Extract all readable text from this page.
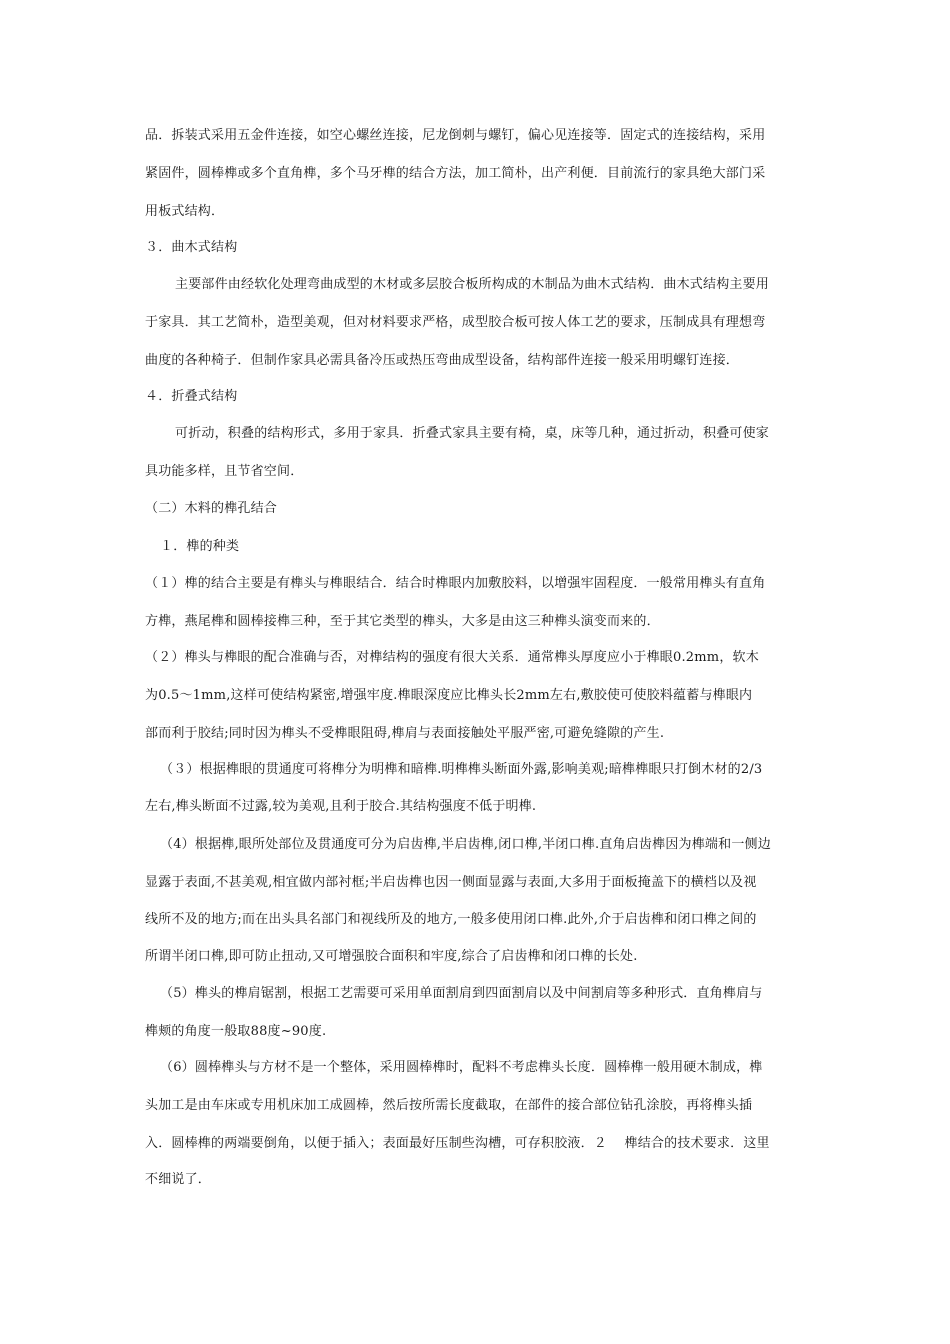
品．拆装式采用五金件连接，如空心螺丝连接，尼龙倒刺与螺钉，偏心见连接等．固定式的连接结构，采用
紧固件，圆棒榫或多个直角榫，多个马牙榫的结合方法，加工简朴，出产利便．目前流行的家具绝大部门采
用板式结构．
３．曲木式结构
主要部件由经软化处理弯曲成型的木材或多层胶合板所构成的木制品为曲木式结构．曲木式结构主要用
于家具．其工艺简朴，造型美观，但对材料要求严格，成型胶合板可按人体工艺的要求，压制成具有理想弯
曲度的各种椅子．但制作家具必需具备冷压或热压弯曲成型设备，结构部件连接一般采用明螺钉连接．
４．折叠式结构
可折动，积叠的结构形式，多用于家具．折叠式家具主要有椅，桌，床等几种，通过折动，积叠可使家
具功能多样，且节省空间．
（二）木料的榫孔结合
１．榫的种类
（１）榫的结合主要是有榫头与榫眼结合．结合时榫眼内加敷胶料，以增强牢固程度．一般常用榫头有直角
方榫，燕尾榫和圆棒接榫三种，至于其它类型的榫头，大多是由这三种榫头演变而来的．
（２）榫头与榫眼的配合准确与否，对榫结构的强度有很大关系．通常榫头厚度应小于榫眼0.2mm，软木
为0.5～1mm,这样可使结构紧密,增强牢度.榫眼深度应比榫头长2mm左右,敷胶使可使胶料蕴蓄与榫眼内
部而利于胶结;同时因为榫头不受榫眼阻碍,榫肩与表面接触处平服严密,可避免缝隙的产生.
（３）根据榫眼的贯通度可将榫分为明榫和暗榫.明榫榫头断面外露,影响美观;暗榫榫眼只打倒木材的2/3
左右,榫头断面不过露,较为美观,且利于胶合.其结构强度不低于明榫.
（4）根据榫,眼所处部位及贯通度可分为启齿榫,半启齿榫,闭口榫,半闭口榫.直角启齿榫因为榫端和一侧边
显露于表面,不甚美观,相宜做内部衬框;半启齿榫也因一侧面显露与表面,大多用于面板掩盖下的横档以及视
线所不及的地方;而在出头具名部门和视线所及的地方,一般多使用闭口榫.此外,介于启齿榫和闭口榫之间的
所谓半闭口榫,即可防止扭动,又可增强胶合面积和牢度,综合了启齿榫和闭口榫的长处.
（5）榫头的榫肩锯割，根据工艺需要可采用单面割肩到四面割肩以及中间割肩等多种形式．直角榫肩与
榫颊的角度一般取88度~90度.
（6）圆棒榫头与方材不是一个整体，采用圆棒榫时，配料不考虑榫头长度．圆棒榫一般用硬木制成，榫
头加工是由车床或专用机床加工成圆棒，然后按所需长度截取，在部件的接合部位钻孔涂胶，再将榫头插
入．圆棒榫的两端要倒角，以便于插入；表面最好压制些沟槽，可存积胶液．２　 榫结合的技术要求．这里
不细说了．
